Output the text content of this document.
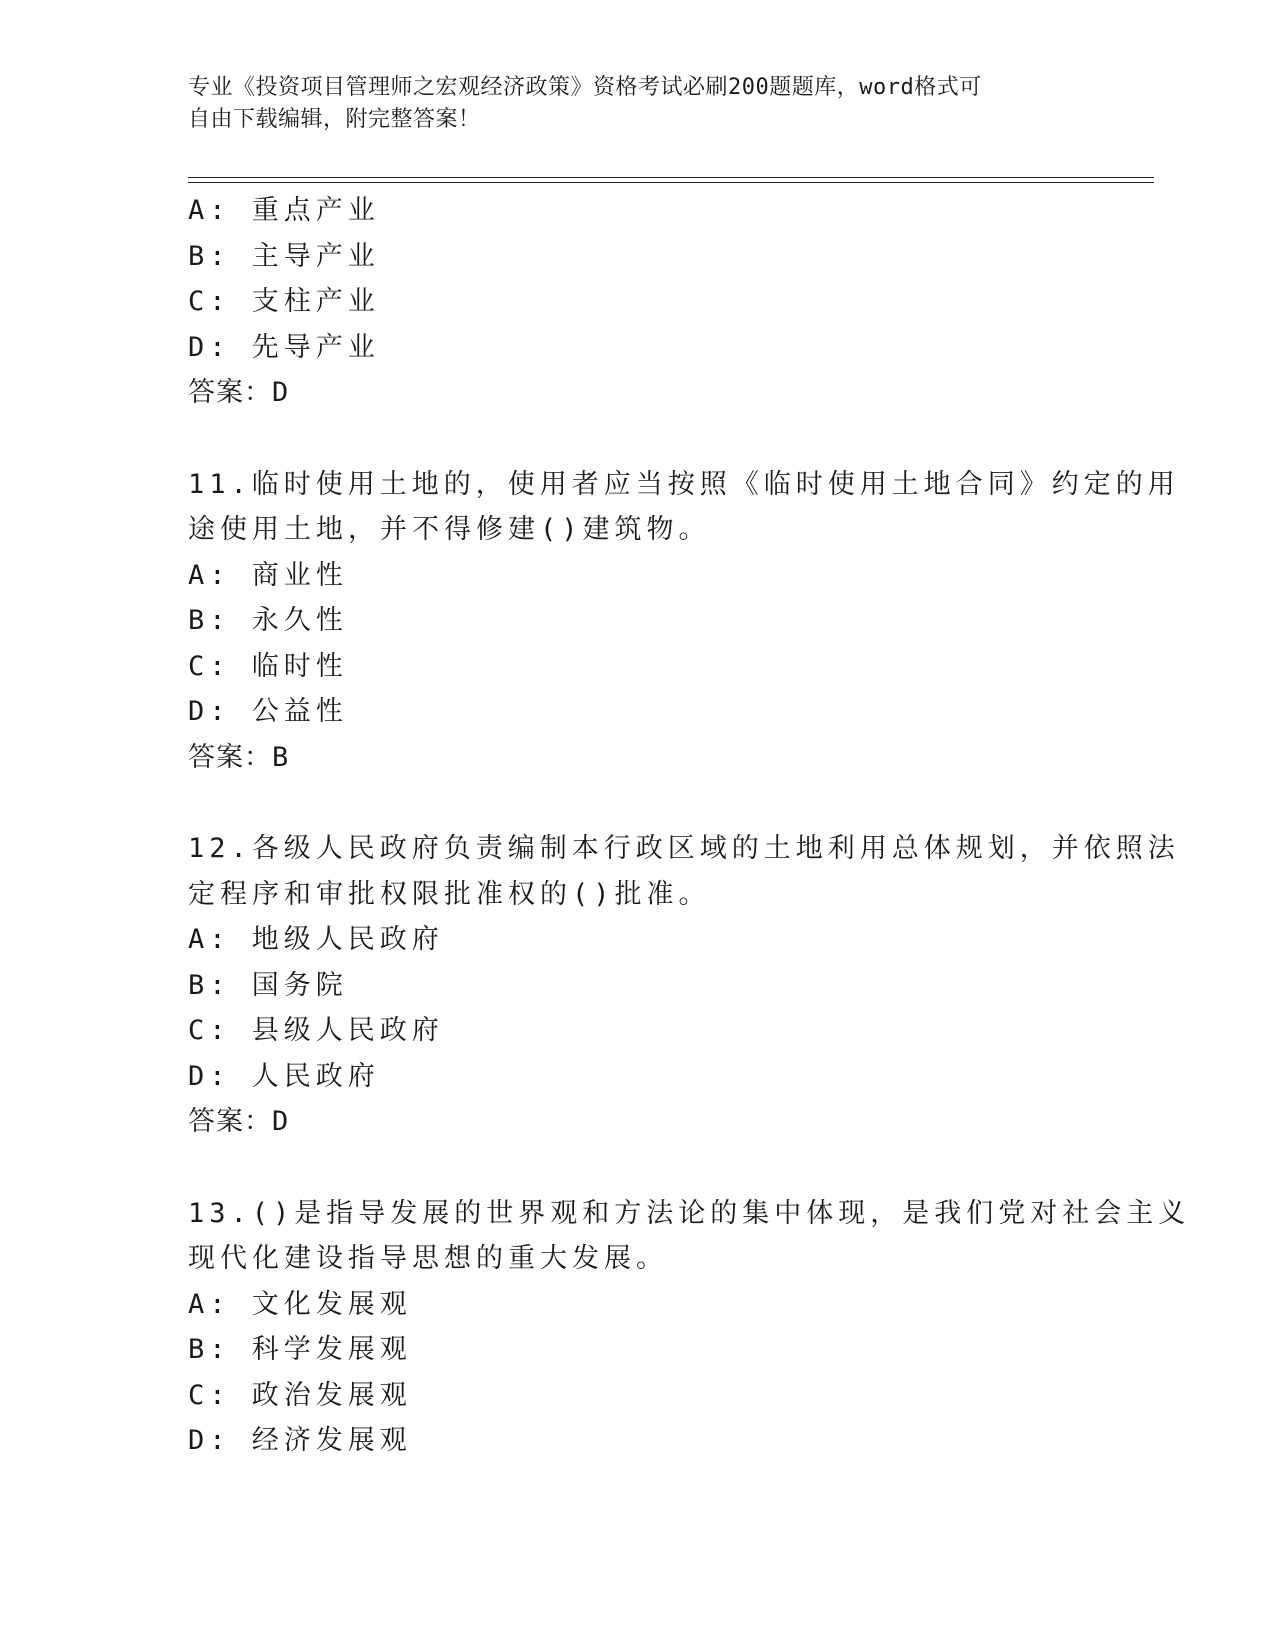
专业《投资项目管理师之宏观经济政策》资格考试必刷200题题库，word格式可
自由下载编辑，附完整答案！
A: 重点产业
B: 主导产业
C: 支柱产业
D: 先导产业
答案：D
11.临时使用土地的，使用者应当按照《临时使用土地合同》约定的用
途使用土地，并不得修建()建筑物。
A: 商业性
B: 永久性
C: 临时性
D: 公益性
答案：B
12.各级人民政府负责编制本行政区域的土地利用总体规划，并依照法
定程序和审批权限批准权的()批准。
A: 地级人民政府
B: 国务院
C: 县级人民政府
D: 人民政府
答案：D
13.()是指导发展的世界观和方法论的集中体现，是我们党对社会主义
现代化建设指导思想的重大发展。
A: 文化发展观
B: 科学发展观
C: 政治发展观
D: 经济发展观
